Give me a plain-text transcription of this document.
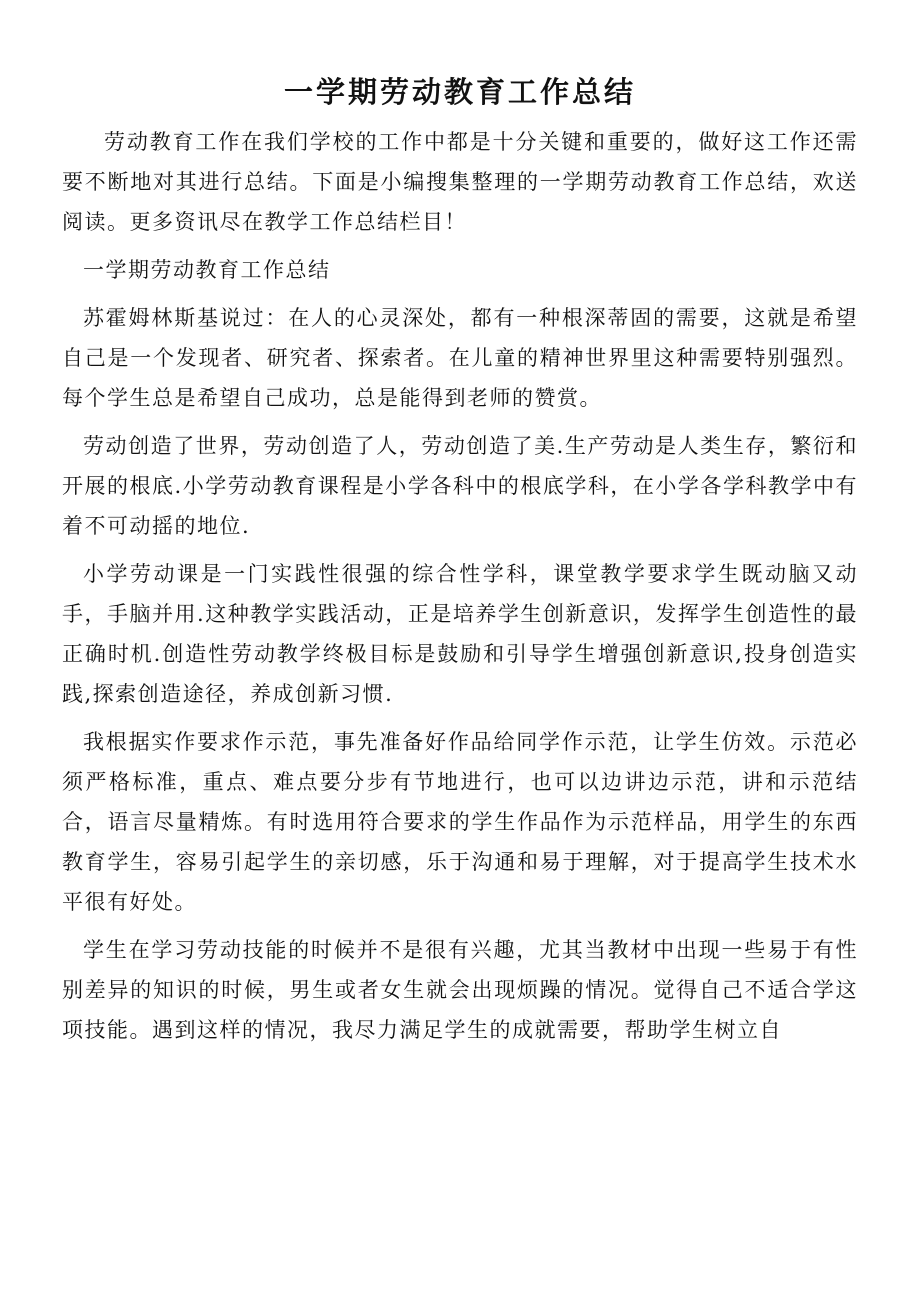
一学期劳动教育工作总结

劳动教育工作在我们学校的工作中都是十分关键和重要的，做好这工作还需要不断地对其进行总结。下面是小编搜集整理的一学期劳动教育工作总结，欢送阅读。更多资讯尽在教学工作总结栏目！

一学期劳动教育工作总结

苏霍姆林斯基说过：在人的心灵深处，都有一种根深蒂固的需要，这就是希望自己是一个发现者、研究者、探索者。在儿童的精神世界里这种需要特别强烈。每个学生总是希望自己成功，总是能得到老师的赞赏。

劳动创造了世界，劳动创造了人，劳动创造了美.生产劳动是人类生存，繁衍和开展的根底.小学劳动教育课程是小学各科中的根底学科，在小学各学科教学中有着不可动摇的地位.

小学劳动课是一门实践性很强的综合性学科，课堂教学要求学生既动脑又动手，手脑并用.这种教学实践活动，正是培养学生创新意识，发挥学生创造性的最正确时机.创造性劳动教学终极目标是鼓励和引导学生增强创新意识,投身创造实践,探索创造途径，养成创新习惯.

我根据实作要求作示范，事先准备好作品给同学作示范，让学生仿效。示范必须严格标准，重点、难点要分步有节地进行，也可以边讲边示范，讲和示范结合，语言尽量精炼。有时选用符合要求的学生作品作为示范样品，用学生的东西教育学生，容易引起学生的亲切感，乐于沟通和易于理解，对于提高学生技术水平很有好处。

学生在学习劳动技能的时候并不是很有兴趣，尤其当教材中出现一些易于有性别差异的知识的时候，男生或者女生就会出现烦躁的情况。觉得自己不适合学这项技能。遇到这样的情况，我尽力满足学生的成就需要，帮助学生树立自
